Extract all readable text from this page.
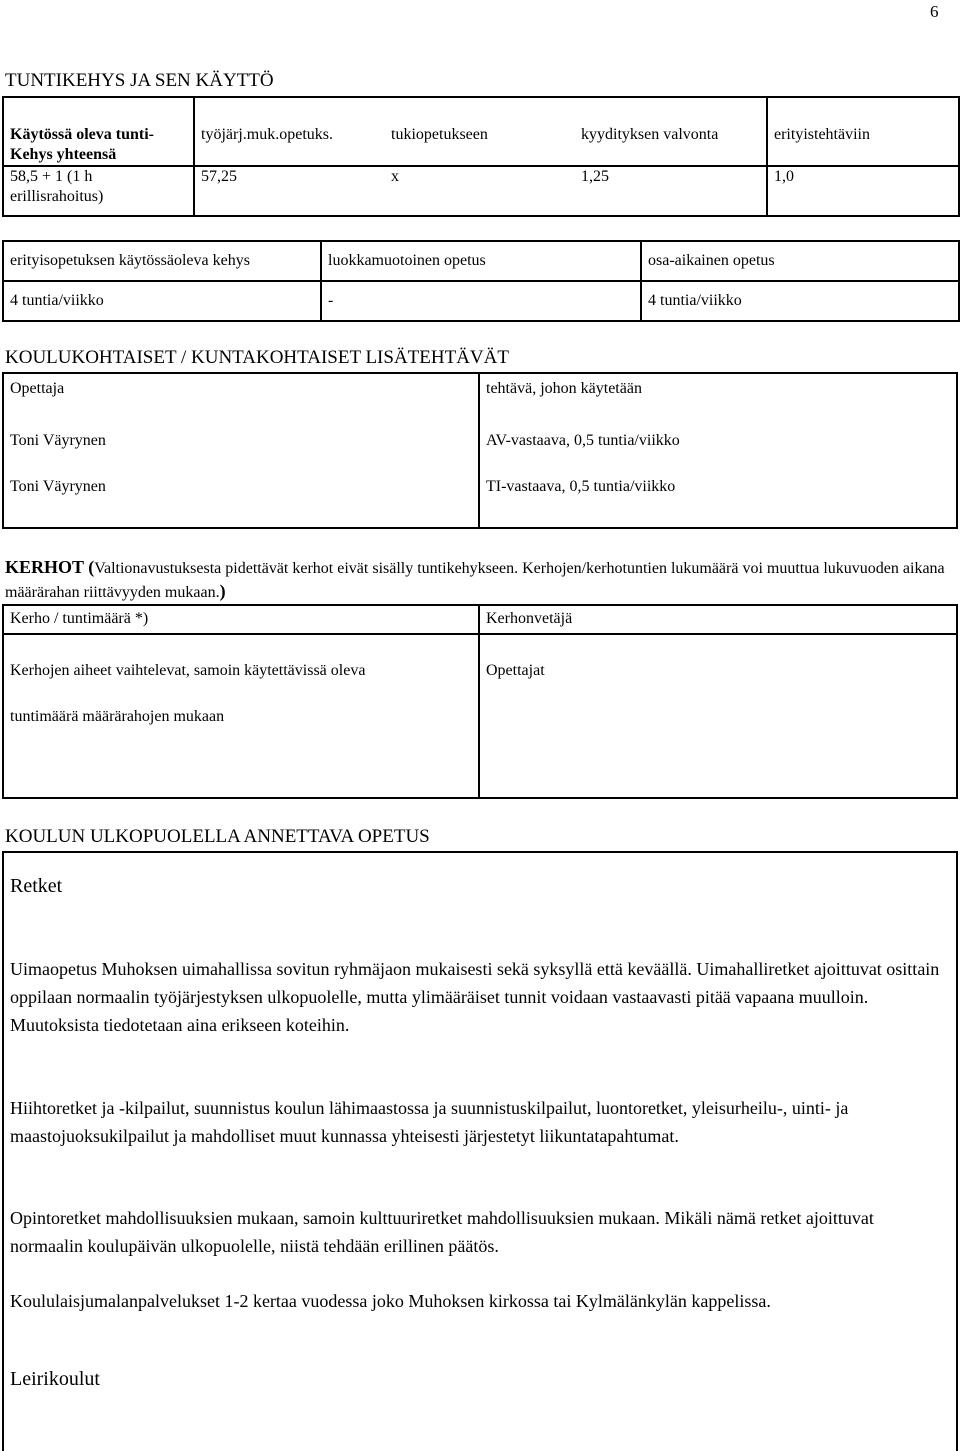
6
TUNTIKEHYS JA SEN KÄYTTÖ
Käytössä oleva tunti-Kehys yhteensä	työjärj.muk.opetuks.	tukiopetukseen	kyydityksen valvonta	erityistehtäviin
58,5 + 1 (1 h erillisrahoitus)	57,25	x	1,25	1,0
erityisopetuksen käytössäoleva kehys	luokkamuotoinen opetus	osa-aikainen opetus
4 tuntia/viikko	-	4 tuntia/viikko
KOULUKOHTAISET / KUNTAKOHTAISET LISÄTEHTÄVÄT
Opettaja	tehtävä, johon käytetään
Toni Väyrynen	AV-vastaava, 0,5 tuntia/viikko
Toni Väyrynen	TI-vastaava, 0,5 tuntia/viikko
KERHOT (Valtionavustuksesta pidettävät kerhot eivät sisälly tuntikehykseen. Kerhojen/kerhotuntien lukumäärä voi muuttua lukuvuoden aikana määrärahan riittävyyden mukaan.)
Kerho / tuntimäärä *)	Kerhonvetäjä
Kerhojen aiheet vaihtelevat, samoin käytettävissä oleva
tuntimäärä määrärahojen mukaan
Opettajat
KOULUN ULKOPUOLELLA ANNETTAVA OPETUS
Retket
Uimaopetus Muhoksen uimahallissa sovitun ryhmäjaon mukaisesti sekä syksyllä että keväällä. Uimahalliretket ajoittuvat osittain oppilaan normaalin työjärjestyksen ulkopuolelle, mutta ylimääräiset tunnit voidaan vastaavasti pitää vapaana muulloin. Muutoksista tiedotetaan aina erikseen koteihin.
Hiihtoretket ja -kilpailut, suunnistus koulun lähimaastossa ja suunnistuskilpailut, luontoretket, yleisurheilu-, uinti- ja maastojuoksukilpailut ja mahdolliset muut kunnassa yhteisesti järjestetyt liikuntatapahtumat.
Opintoretket mahdollisuuksien mukaan, samoin kulttuuriretket mahdollisuuksien mukaan. Mikäli nämä retket ajoittuvat normaalin koulupäivän ulkopuolelle, niistä tehdään erillinen päätös.
Koululaisjumalanpalvelukset 1-2 kertaa vuodessa joko Muhoksen kirkossa tai Kylmälänkylän kappelissa.
Leirikoulut
